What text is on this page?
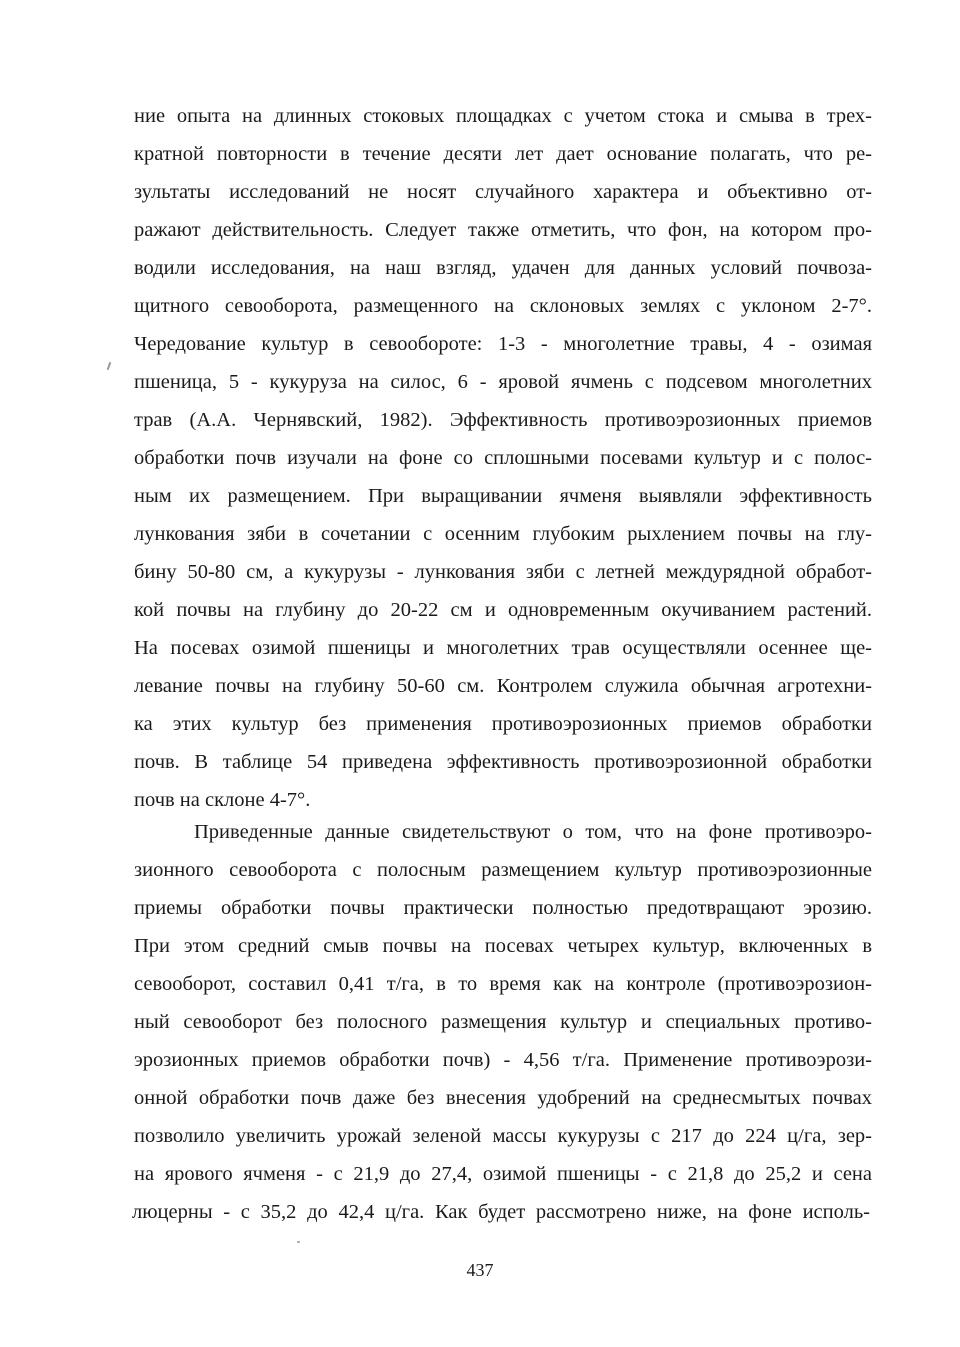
ние опыта на длинных стоковых площадках с учетом стока и смыва в трех-
кратной повторности в течение десяти лет дает основание полагать, что ре-
зультаты исследований не носят случайного характера и объективно от-
ражают действительность. Следует также отметить, что фон, на котором про-
водили исследования, на наш взгляд, удачен для данных условий почвоза-
щитного севооборота, размещенного на склоновых землях с уклоном 2-7°.
Чередование культур в севообороте: 1-3 - многолетние травы, 4 - озимая
пшеница, 5 - кукуруза на силос, 6 - яровой ячмень с подсевом многолетних
трав (А.А. Чернявский, 1982). Эффективность противоэрозионных приемов
обработки почв изучали на фоне со сплошными посевами культур и с полос-
ным их размещением. При выращивании ячменя выявляли эффективность
лункования зяби в сочетании с осенним глубоким рыхлением почвы на глу-
бину 50-80 см, а кукурузы - лункования зяби с летней междурядной обработ-
кой почвы на глубину до 20-22 см и одновременным окучиванием растений.
На посевах озимой пшеницы и многолетних трав осуществляли осеннее ще-
левание почвы на глубину 50-60 см. Контролем служила обычная агротехни-
ка этих культур без применения противоэрозионных приемов обработки
почв. В таблице 54 приведена эффективность противоэрозионной обработки
почв на склоне 4-7°.
Приведенные данные свидетельствуют о том, что на фоне противоэро-
зионного севооборота с полосным размещением культур противоэрозионные
приемы обработки почвы практически полностью предотвращают эрозию.
При этом средний смыв почвы на посевах четырех культур, включенных в
севооборот, составил 0,41 т/га, в то время как на контроле (противоэрозион-
ный севооборот без полосного размещения культур и специальных противо-
эрозионных приемов обработки почв) - 4,56 т/га. Применение противоэрози-
онной обработки почв даже без внесения удобрений на среднесмытых почвах
позволило увеличить урожай зеленой массы кукурузы с 217 до 224 ц/га, зер-
на ярового ячменя - с 21,9 до 27,4, озимой пшеницы - с 21,8 до 25,2 и сена
люцерны - с 35,2 до 42,4 ц/га. Как будет рассмотрено ниже, на фоне исполь-
437
